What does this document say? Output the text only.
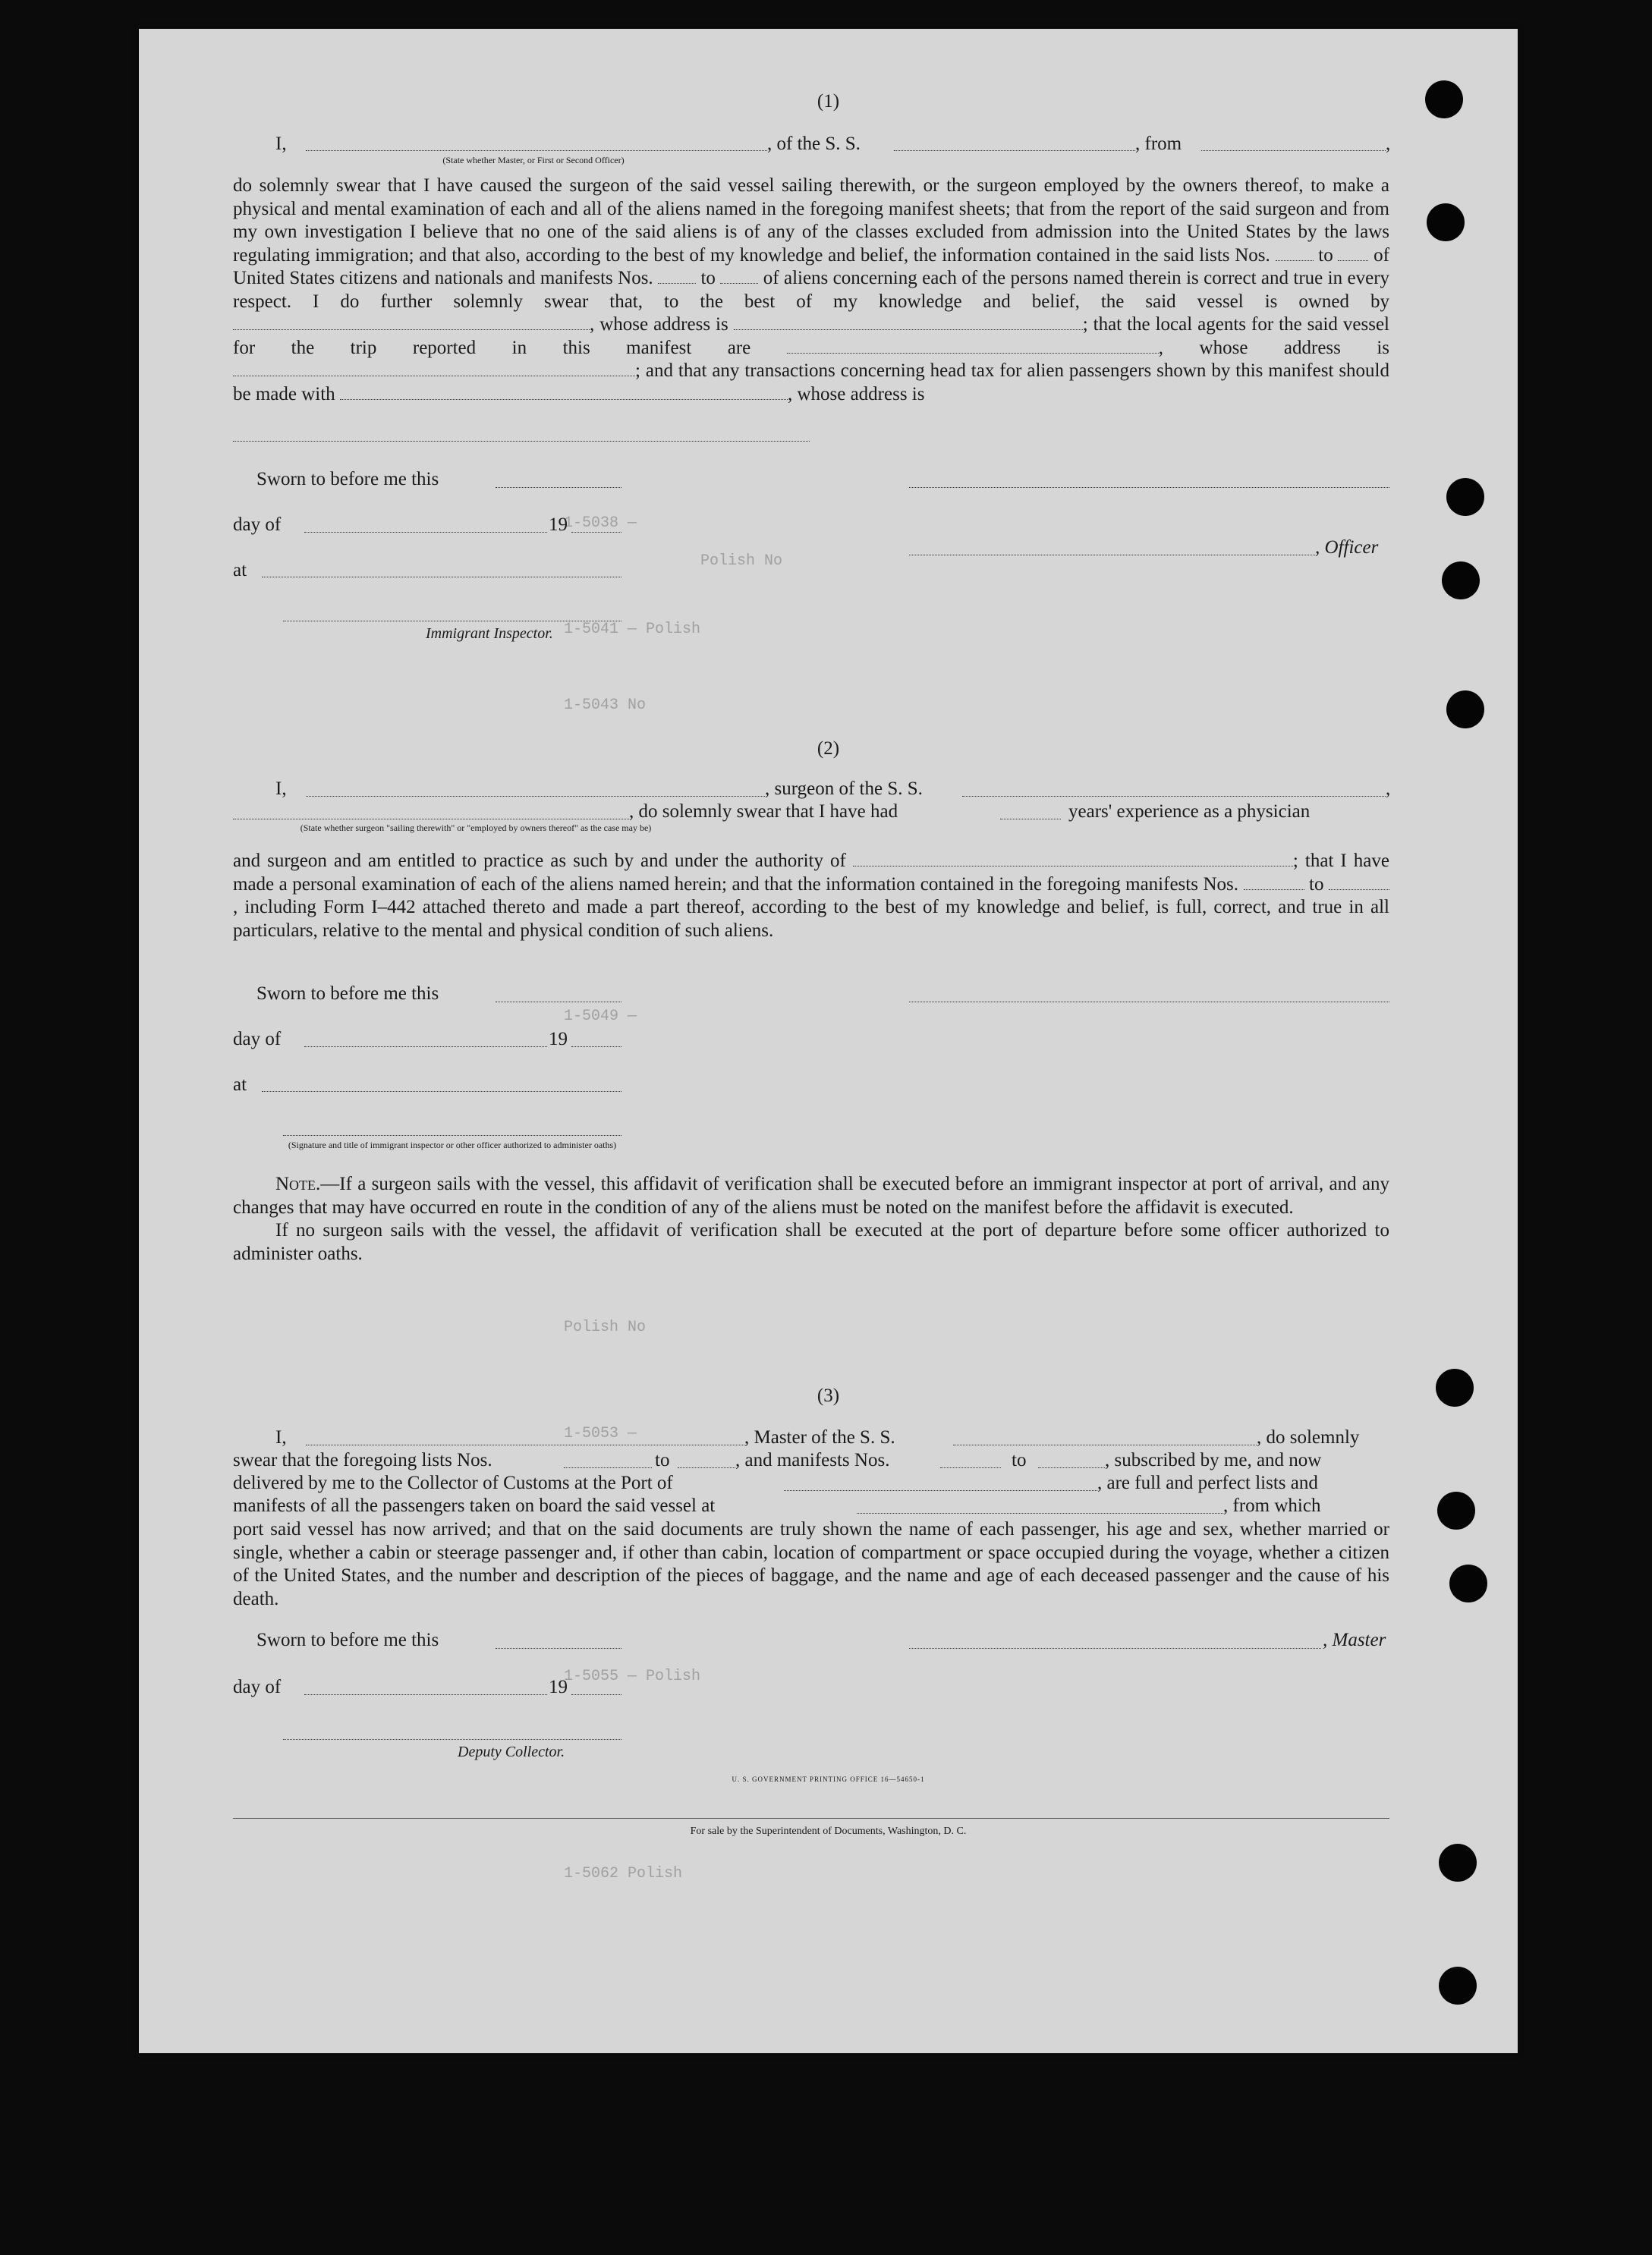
1-5038 —
Polish No
1-5041 — Polish
1-5043 No
1-5049 —
Polish No
1-5053 —
1-5055 — Polish
1-5062 Polish
(1)
I,
(State whether Master, or First or Second Officer)
, of the S. S.	, from	,
do solemnly swear that I have caused the surgeon of the said vessel sailing therewith, or the surgeon employed by the owners thereof, to make a physical and mental examination of each and all of the aliens named in the foregoing manifest sheets; that from the report of the said surgeon and from my own investigation I believe that no one of the said aliens is of any of the classes excluded from admission into the United States by the laws regulating immigration; and that also, according to the best of my knowledge and belief, the information contained in the said lists Nos.	to of United States citizens and nationals and manifests Nos.	to	of aliens concerning each of the persons named therein is correct and true in every respect. I do further solemnly swear that, to the best of my knowledge and belief, the said vessel is owned by , whose address is	; that the local agents for the said vessel for the trip reported in this manifest are	, whose address is ; and that any transactions concerning head tax for alien passengers shown by this manifest should be made with	, whose address is
Sworn to before me this
day of	19
, Officer
at
Immigrant Inspector.
(2)
I,	, surgeon of the S. S.	,
, do solemnly swear that I have had	years' experience as a physician
(State whether surgeon "sailing therewith" or "employed by owners thereof" as the case may be)
and surgeon and am entitled to practice as such by and under the authority of	; that I have made a personal examination of each of the aliens named herein; and that the information contained in the foregoing manifests Nos.	to , including Form I–442 attached thereto and made a part thereof, according to the best of my knowledge and belief, is full, correct, and true in all particulars, relative to the mental and physical condition of such aliens.
Sworn to before me this
day of	19
at
(Signature and title of immigrant inspector or other officer authorized to administer oaths)

Note.—If a surgeon sails with the vessel, this affidavit of verification shall be executed before an immigrant inspector at port of arrival, and any changes that may have occurred en route in the condition of any of the aliens must be noted on the manifest before the affidavit is executed.

If no surgeon sails with the vessel, the affidavit of verification shall be executed at the port of departure before some officer authorized to administer oaths.

(3)
I,	, Master of the S. S.	, do solemnly
swear that the foregoing lists Nos.	to	, and manifests Nos.	to	, subscribed by me, and now
delivered by me to the Collector of Customs at the Port of	, are full and perfect lists and
manifests of all the passengers taken on board the said vessel at	, from which
port said vessel has now arrived; and that on the said documents are truly shown the name of each passenger, his age and sex, whether married or single, whether a cabin or steerage passenger and, if other than cabin, location of compartment or space occupied during the voyage, whether a citizen of the United States, and the number and description of the pieces of baggage, and the name and age of each deceased passenger and the cause of his death.
Sworn to before me this	, Master
day of	19
Deputy Collector.
U. S. GOVERNMENT PRINTING OFFICE 16—54650-1
For sale by the Superintendent of Documents, Washington, D. C.
